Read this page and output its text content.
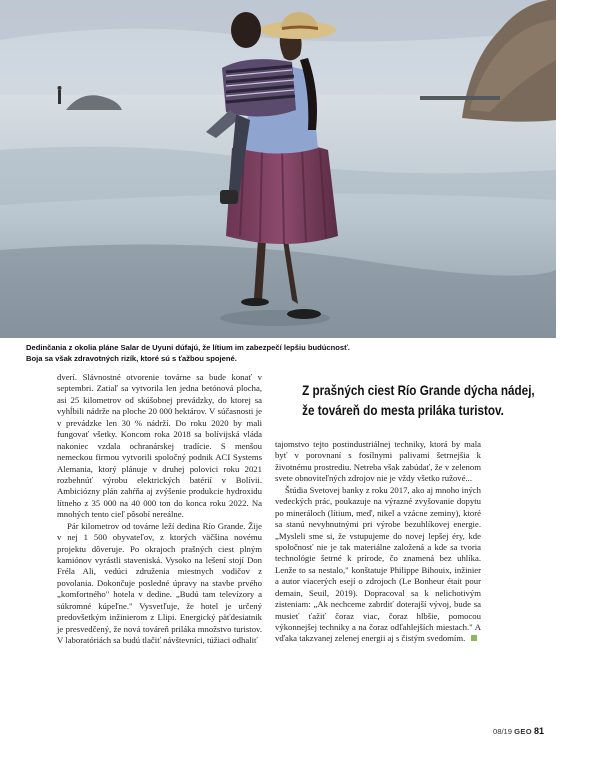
Dedinčania z okolia pláne Salar de Uyuni dúfajú, že lítium im zabezpečí lepšiu budúcnosť.

Boja sa však zdravotných rizík, ktoré sú s ťažbou spojené.

dverí. Slávnostné otvorenie továrne sa bude konať v septembri. Zatiaľ sa vytvorila len jedna betónová plocha, asi 25 kilometrov od skúšobnej prevádzky, do ktorej sa vyhĺbili nádrže na ploche 20 000 hektárov. V súčasnosti je v prevádzke len 30 % nádrží. Do roku 2020 by mali fungovať všetky. Koncom roka 2018 sa bolívijská vláda nakoniec vzdala ochranárskej tradície. S menšou nemeckou firmou vytvorili spoločný podnik ACI Systems Alemania, ktorý plánuje v druhej polovici roku 2021 rozbehnúť výrobu elektrických batérií v Bolívii. Ambiciózny plán zahŕňa aj zvýšenie produkcie hydroxidu lítneho z 35 000 na 40 000 ton do konca roku 2022. Na mnohých tento cieľ pôsobí nereálne.

Pár kilometrov od továrne leží dedina Río Grande. Žije v nej 1 500 obyvateľov, z ktorých väčšina novému projektu dôveruje. Po okrajoch prašných ciest plným kamiónov vyrástli staveniská. Vysoko na lešení stojí Don Fréla Ali, vedúci združenia miestnych vodičov z povolania. Dokončuje posledné úpravy na stavbe prvého „komfortného" hotela v dedine. „Budú tam televízory a súkromné kúpeľne." Vysvetľuje, že hotel je určený predovšetkým inžinierom z Llipi. Energický päťdesiatnik je presvedčený, že nová továreň priláka množstvo turistov. V laboratóriách sa budú tlačiť návštevníci, túžiaci odhaliť

Z prašných ciest Río Grande dýcha nádej,

že továreň do mesta priláka turistov.

tajomstvo tejto postindustriálnej techniky, ktorá by mala byť v porovnaní s fosílnymi palivami šetrnejšia k životnému prostrediu. Netreba však zabúdať, že v zelenom svete obnoviteľných zdrojov nie je vždy všetko ružové...

Štúdia Svetovej banky z roku 2017, ako aj mnoho iných vedeckých prác, poukazuje na výrazné zvyšovanie dopytu po mineráloch (lítium, meď, nikel a vzácne zeminy), ktoré sa stanú nevyhnutnými pri výrobe bezuhlíkovej energie. „Mysleli sme si, že vstupujeme do novej lepšej éry, kde spoločnosť nie je tak materiálne založená a kde sa tvoria technológie šetrné k prírode, čo znamená bez uhlíka. Lenže to sa nestalo," konštatuje Philippe Bihouix, inžinier a autor viacerých esejí o zdrojoch (Le Bonheur était pour demain, Seuil, 2019). Dopracoval sa k nelichotivým zisteniam: „Ak nechceme zabrdiť doterajší vývoj, bude sa musieť ťažiť čoraz viac, čoraz hlbšie, pomocou výkonnejšej techniky a na čoraz odľahlejších miestach." A vďaka takzvanej zelenej energii aj s čistým svedomím.

08/19 GEO 81
